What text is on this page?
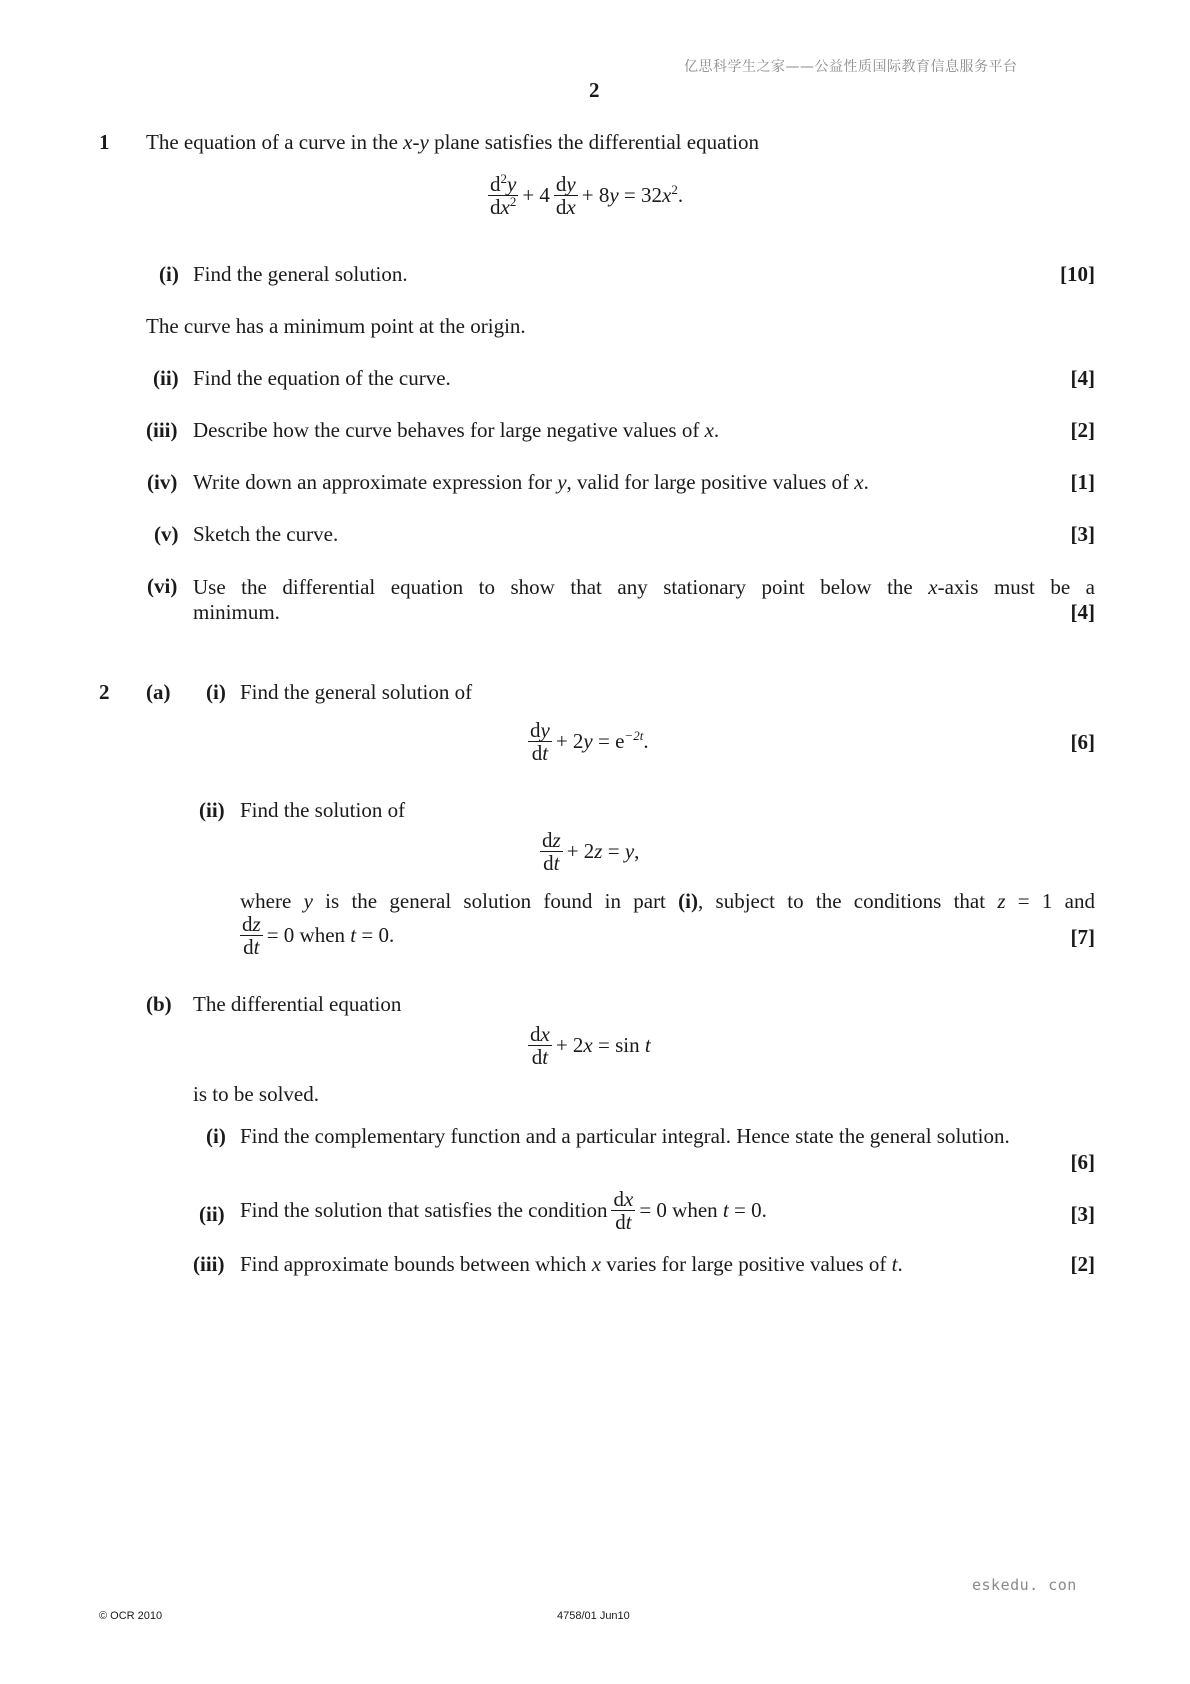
亿思科学生之家——公益性质国际教育信息服务平台
2
1 The equation of a curve in the x-y plane satisfies the differential equation
$\frac{d^2y}{dx^2} + 4 \frac{dy}{dx} + 8y = 32x^2$.
(i) Find the general solution.	[10]
The curve has a minimum point at the origin.
(ii) Find the equation of the curve.	[4]
(iii) Describe how the curve behaves for large negative values of x.	[2]
(iv) Write down an approximate expression for y, valid for large positive values of x.	[1]
(v) Sketch the curve.	[3]
(vi) Use the differential equation to show that any stationary point below the x-axis must be a
minimum.	[4]
2 (a) (i) Find the general solution of
$\frac{dy}{dt} + 2y = e^{-2t}$.	[6]
(ii) Find the solution of
$\frac{dz}{dt} + 2z = y$,
where y is the general solution found in part (i), subject to the conditions that z = 1 and
$\frac{dz}{dt} = 0$ when t = 0.	[7]
(b) The differential equation
$\frac{dx}{dt} + 2x = \sin t$
is to be solved.
(i) Find the complementary function and a particular integral. Hence state the general solution.
[6]
(ii) Find the solution that satisfies the condition $\frac{dx}{dt} = 0$ when t = 0.	[3]
(iii) Find approximate bounds between which x varies for large positive values of t.	[2]
eskedu. con
© OCR 2010	4758/01 Jun10
